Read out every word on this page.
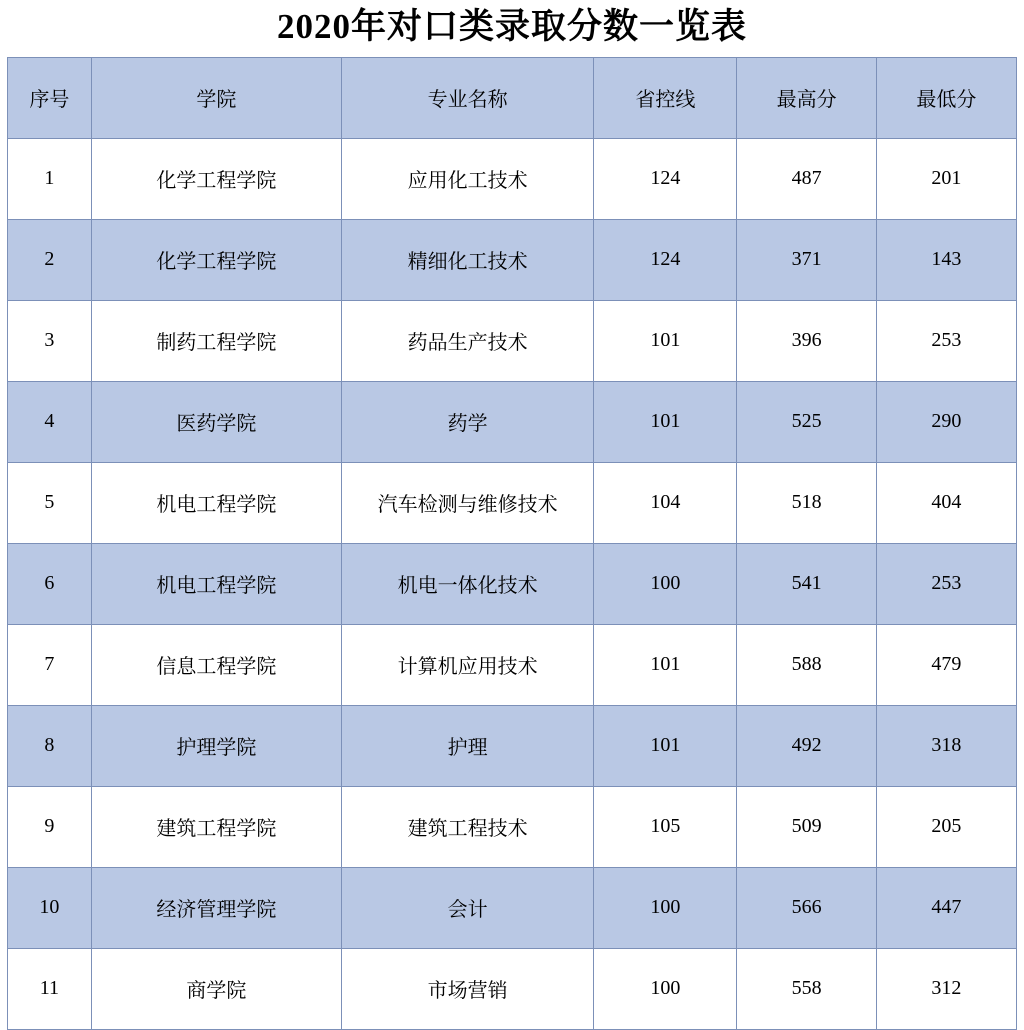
2020年对口类录取分数一览表
序号	学院	专业名称	省控线	最高分	最低分
1	化学工程学院	应用化工技术	124	487	201
2	化学工程学院	精细化工技术	124	371	143
3	制药工程学院	药品生产技术	101	396	253
4	医药学院	药学	101	525	290
5	机电工程学院	汽车检测与维修技术	104	518	404
6	机电工程学院	机电一体化技术	100	541	253
7	信息工程学院	计算机应用技术	101	588	479
8	护理学院	护理	101	492	318
9	建筑工程学院	建筑工程技术	105	509	205
10	经济管理学院	会计	100	566	447
11	商学院	市场营销	100	558	312
